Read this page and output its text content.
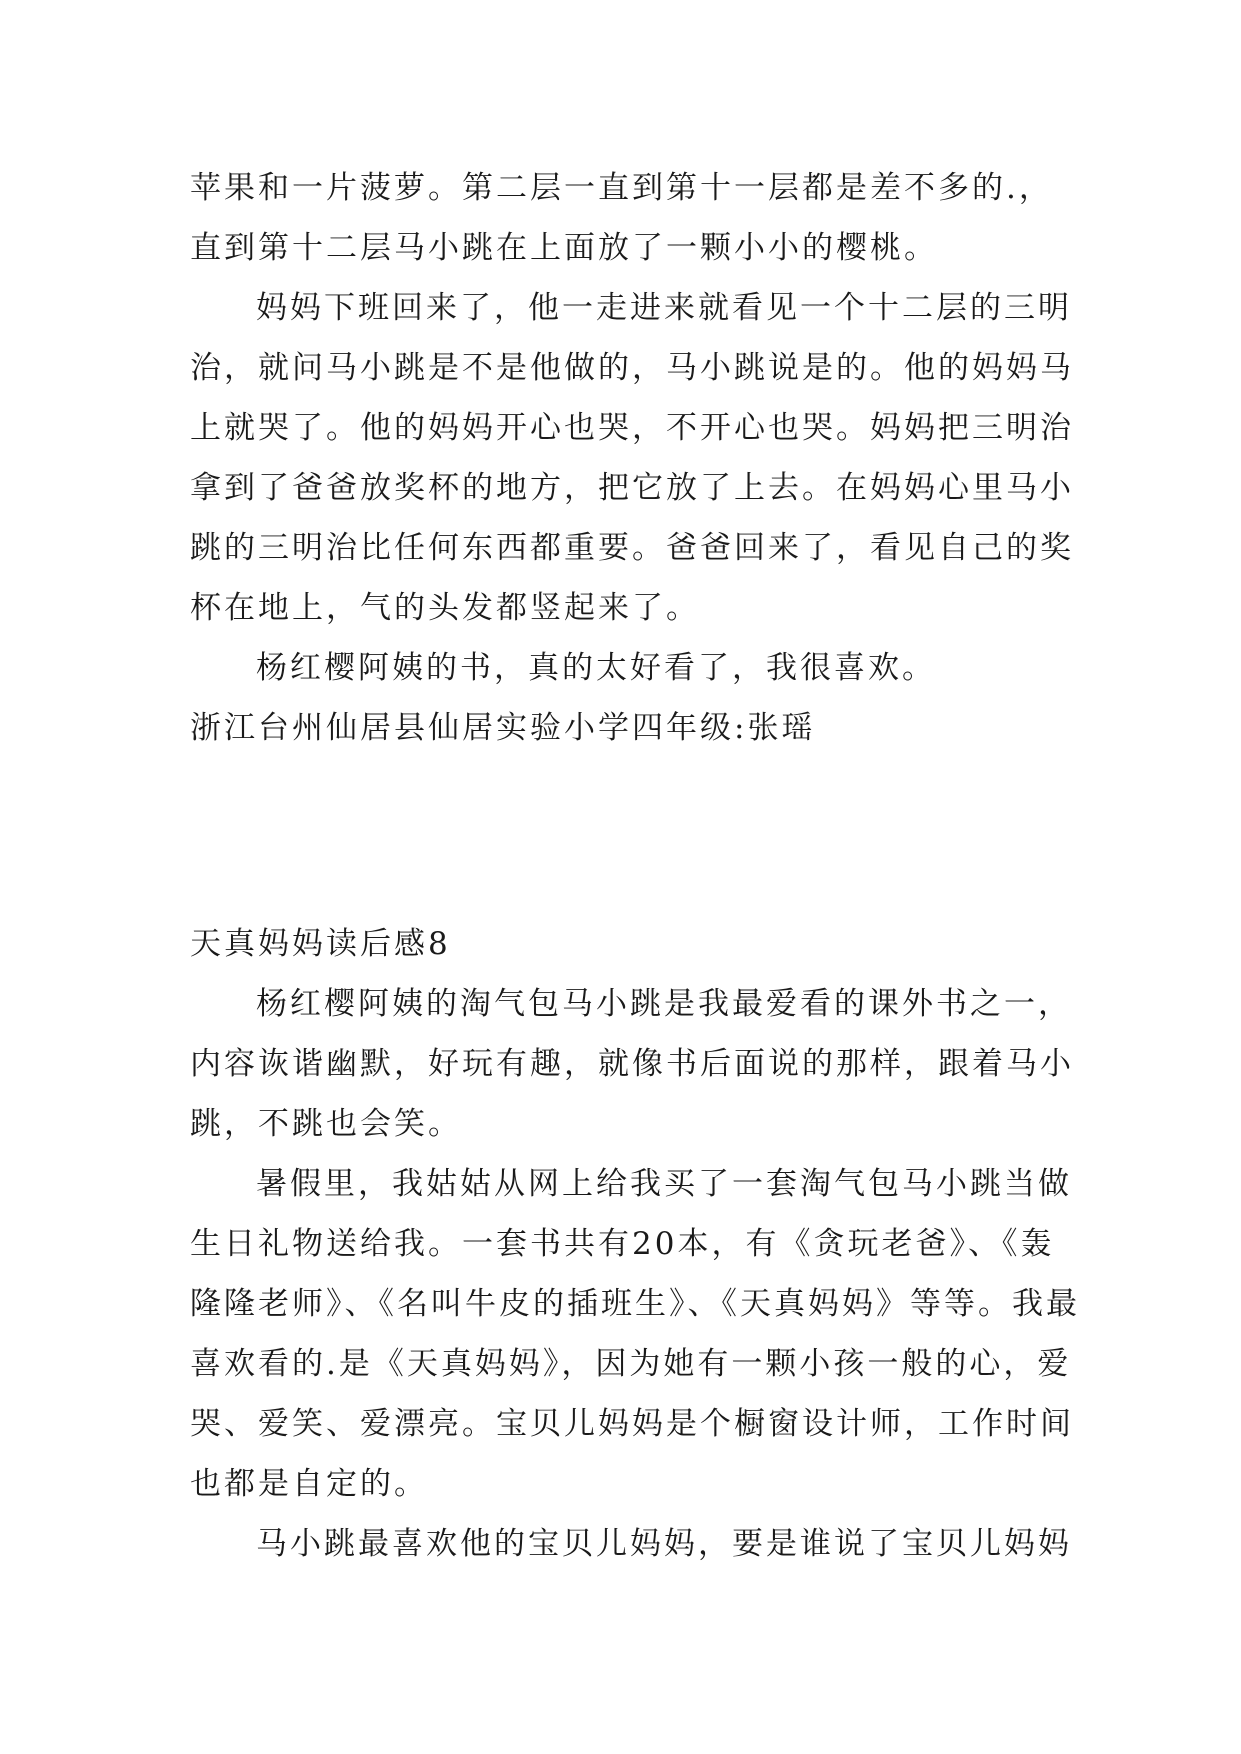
苹果和一片菠萝。第二层一直到第十一层都是差不多的.，
直到第十二层马小跳在上面放了一颗小小的樱桃。
妈妈下班回来了，他一走进来就看见一个十二层的三明
治，就问马小跳是不是他做的，马小跳说是的。他的妈妈马
上就哭了。他的妈妈开心也哭，不开心也哭。妈妈把三明治
拿到了爸爸放奖杯的地方，把它放了上去。在妈妈心里马小
跳的三明治比任何东西都重要。爸爸回来了，看见自己的奖
杯在地上，气的头发都竖起来了。
杨红樱阿姨的书，真的太好看了，我很喜欢。
浙江台州仙居县仙居实验小学四年级:张瑶
天真妈妈读后感8
杨红樱阿姨的淘气包马小跳是我最爱看的课外书之一，
内容诙谐幽默，好玩有趣，就像书后面说的那样，跟着马小
跳，不跳也会笑。
暑假里，我姑姑从网上给我买了一套淘气包马小跳当做
生日礼物送给我。一套书共有20本，有《贪玩老爸》、《轰
隆隆老师》、《名叫牛皮的插班生》、《天真妈妈》等等。我最
喜欢看的.是《天真妈妈》，因为她有一颗小孩一般的心，爱
哭、爱笑、爱漂亮。宝贝儿妈妈是个橱窗设计师，工作时间
也都是自定的。
马小跳最喜欢他的宝贝儿妈妈，要是谁说了宝贝儿妈妈
